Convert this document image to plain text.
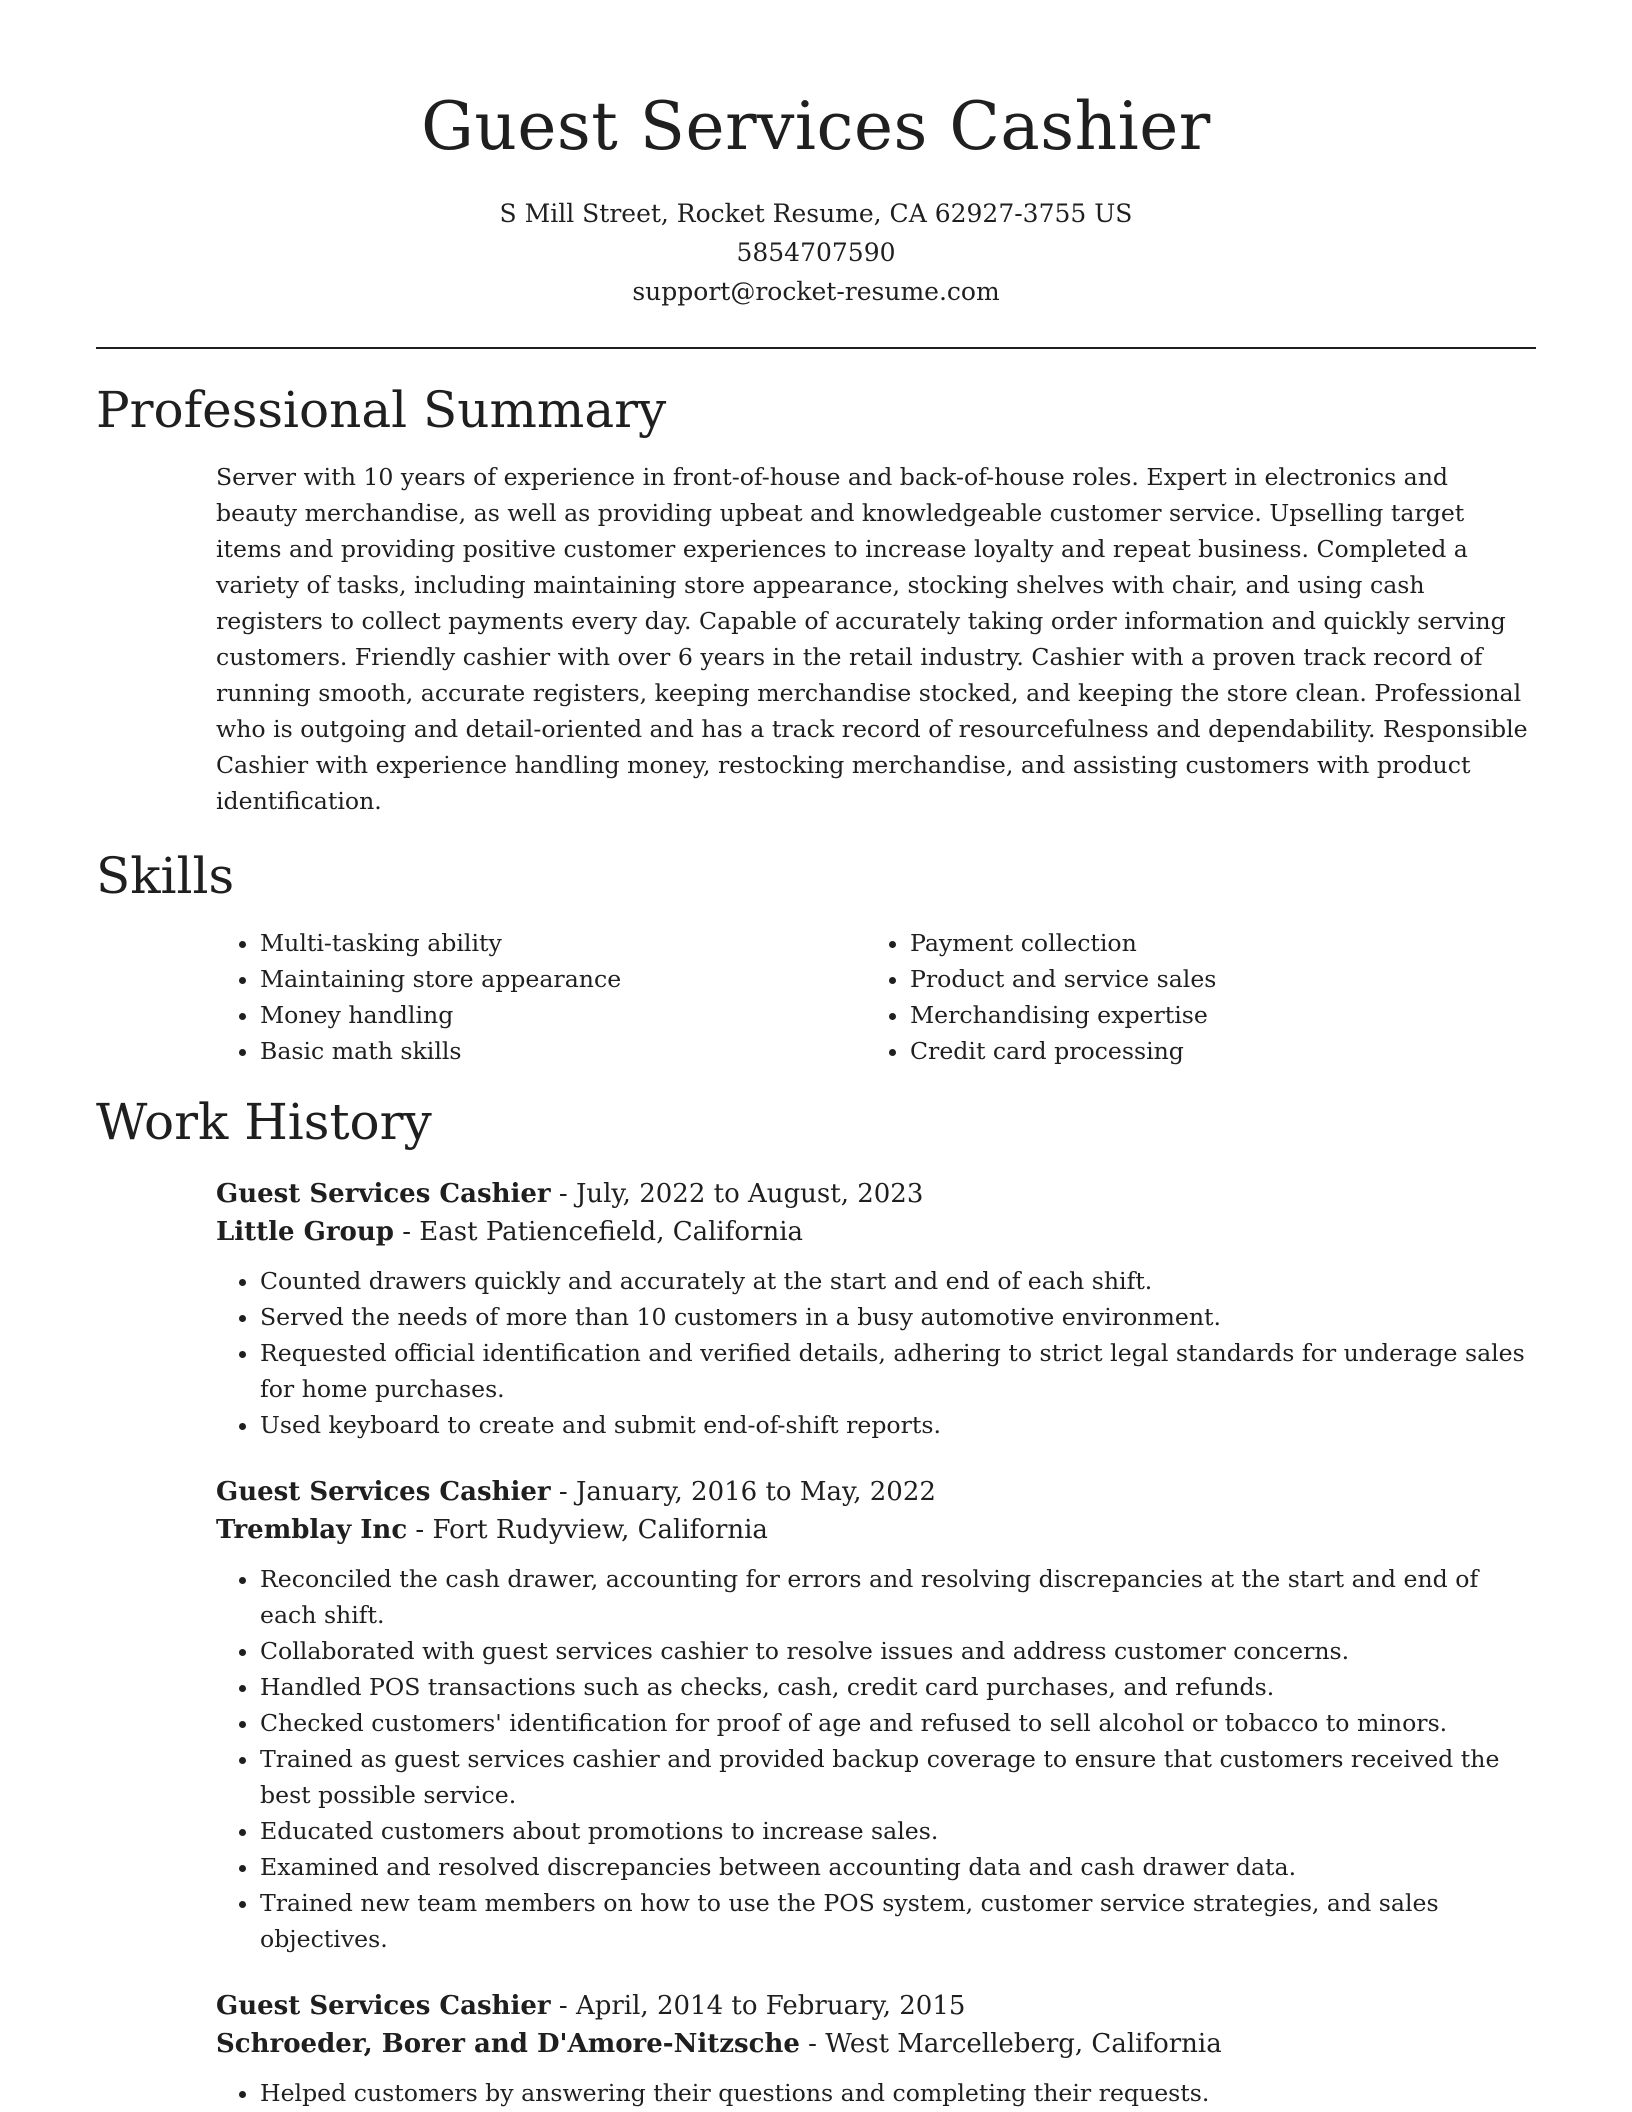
Guest Services Cashier
S Mill Street, Rocket Resume, CA 62927-3755 US
5854707590
support@rocket-resume.com
Professional Summary

Server with 10 years of experience in front-of-house and back-of-house roles. Expert in electronics and beauty merchandise, as well as providing upbeat and knowledgeable customer service. Upselling target items and providing positive customer experiences to increase loyalty and repeat business. Completed a variety of tasks, including maintaining store appearance, stocking shelves with chair, and using cash registers to collect payments every day. Capable of accurately taking order information and quickly serving customers. Friendly cashier with over 6 years in the retail industry. Cashier with a proven track record of running smooth, accurate registers, keeping merchandise stocked, and keeping the store clean. Professional who is outgoing and detail-oriented and has a track record of resourcefulness and dependability. Responsible Cashier with experience handling money, restocking merchandise, and assisting customers with product identification.

Skills
• Multi-tasking ability
• Maintaining store appearance
• Money handling
• Basic math skills
• Payment collection
• Product and service sales
• Merchandising expertise
• Credit card processing
Work History
Guest Services Cashier - July, 2022 to August, 2023
Little Group - East Patiencefield, California
• Counted drawers quickly and accurately at the start and end of each shift.
• Served the needs of more than 10 customers in a busy automotive environment.
• Requested official identification and verified details, adhering to strict legal standards for underage sales for home purchases.
• Used keyboard to create and submit end-of-shift reports.
Guest Services Cashier - January, 2016 to May, 2022
Tremblay Inc - Fort Rudyview, California
• Reconciled the cash drawer, accounting for errors and resolving discrepancies at the start and end of each shift.
• Collaborated with guest services cashier to resolve issues and address customer concerns.
• Handled POS transactions such as checks, cash, credit card purchases, and refunds.
• Checked customers' identification for proof of age and refused to sell alcohol or tobacco to minors.
• Trained as guest services cashier and provided backup coverage to ensure that customers received the best possible service.
• Educated customers about promotions to increase sales.
• Examined and resolved discrepancies between accounting data and cash drawer data.
• Trained new team members on how to use the POS system, customer service strategies, and sales objectives.
Guest Services Cashier - April, 2014 to February, 2015
Schroeder, Borer and D'Amore-Nitzsche - West Marcelleberg, California
• Helped customers by answering their questions and completing their requests.
